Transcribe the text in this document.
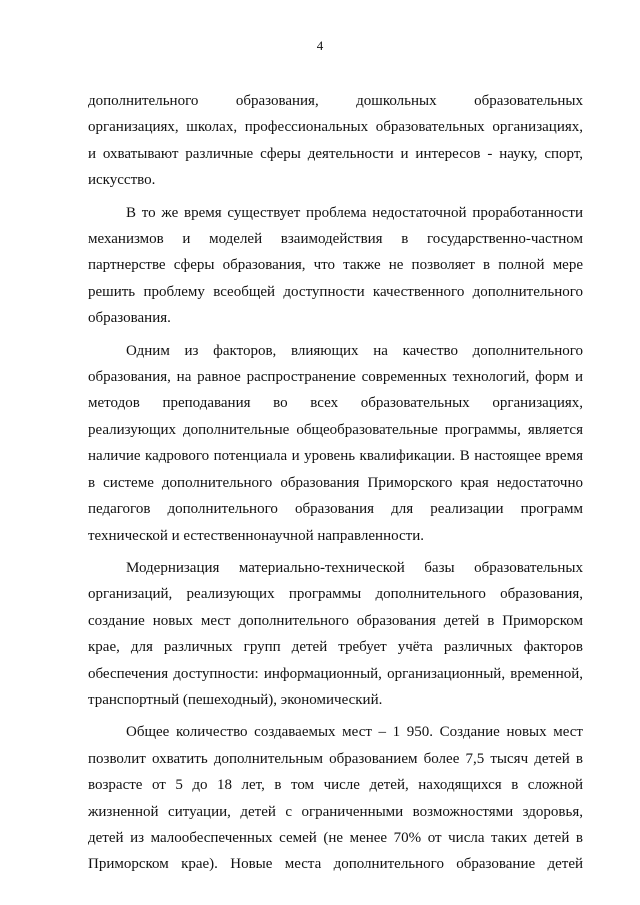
4

дополнительного образования, дошкольных образовательных
организациях, школах, профессиональных образовательных организациях,
и охватывают различные сферы деятельности и интересов - науку, спорт,
искусство.

В то же время существует проблема недостаточной проработанности
механизмов и моделей взаимодействия в государственно-частном
партнерстве сферы образования, что также не позволяет в полной мере
решить проблему всеобщей доступности качественного дополнительного
образования.

Одним из факторов, влияющих на качество дополнительного
образования, на равное распространение современных технологий, форм и
методов преподавания во всех образовательных организациях,
реализующих дополнительные общеобразовательные программы, является
наличие кадрового потенциала и уровень квалификации. В настоящее время
в системе дополнительного образования Приморского края недостаточно
педагогов дополнительного образования для реализации программ
технической и естественнонаучной направленности.

Модернизация материально-технической базы образовательных
организаций, реализующих программы дополнительного образования,
создание новых мест дополнительного образования детей в Приморском
крае, для различных групп детей требует учёта различных факторов
обеспечения доступности: информационный, организационный, временной,
транспортный (пешеходный), экономический.

Общее количество создаваемых мест – 1 950. Создание новых мест
позволит охватить дополнительным образованием более 7,5 тысяч детей в
возрасте от 5 до 18 лет, в том числе детей, находящихся в сложной
жизненной ситуации, детей с ограниченными возможностями здоровья,
детей из малообеспеченных семей (не менее 70% от числа таких детей в
Приморском крае). Новые места дополнительного образование детей
